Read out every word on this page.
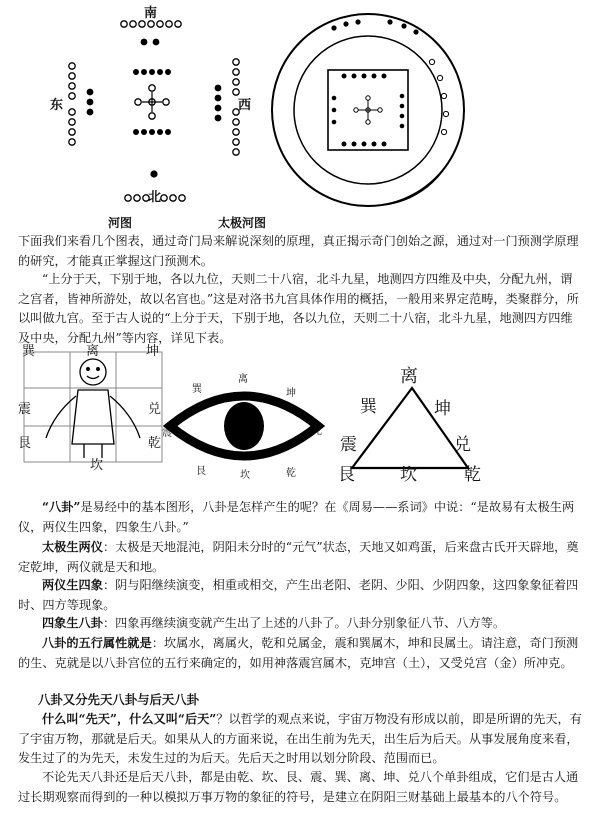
南
东	西
北
河图	太极河图

下面我们来看几个图表，通过奇门局来解说深刻的原理，真正揭示奇门创始之源，通过对一门预测学原理的研究，才能真正掌握这门预测术。

“上分于天，下别于地，各以九位，天则二十八宿，北斗九星，地测四方四维及中央，分配九州，谓之宫者，皆神所游处，故以名宫也。”这是对洛书九宫具体作用的概括，一般用来界定范畴，类聚群分，所以叫做九宫。至于古人说的“上分于天，下别于地，各以九位，天则二十八宿，北斗九星，地测四方四维及中央，分配九州”等内容，详见下表。

巽	离	坤
震	兑
艮
坎
乾
巽
离
坤
震	兑
艮	坎	乾
离
巽	坤
震	兑
艮	坎	乾

“八卦”是易经中的基本图形，八卦是怎样产生的呢？在《周易——系词》中说：“是故易有太极生两仪，两仪生四象，四象生八卦。”

太极生两仪：太极是天地混沌，阴阳未分时的“元气”状态，天地又如鸡蛋，后来盘古氏开天辟地，奠定乾坤，两仪就是天和地。

两仪生四象：阴与阳继续演变，相重或相交，产生出老阳、老阴、少阳、少阴四象，这四象象征着四时、四方等现象。

四象生八卦：四象再继续演变就产生出了上述的八卦了。八卦分别象征八节、八方等。

八卦的五行属性就是：坎属水，离属火，乾和兑属金，震和巽属木，坤和艮属土。请注意，奇门预测的生、克就是以八卦宫位的五行来确定的，如用神落震宫属木，克坤宫（土），又受兑宫（金）所冲克。

八卦又分先天八卦与后天八卦

什么叫“先天”，什么又叫“后天”？以哲学的观点来说，宇宙万物没有形成以前，即是所谓的先天，有了宇宙万物，那就是后天。如果从人的方面来说，在出生前为先天，出生后为后天。从事发展角度来看，发生过了的为先天，未发生过的为后天。先后天之时用以划分阶段、范围而已。

不论先天八卦还是后天八卦，都是由乾、坎、艮、震、巽、离、坤、兑八个单卦组成，它们是古人通过长期观察而得到的一种以模拟万事万物的象征的符号，是建立在阴阳三财基础上最基本的八个符号。
